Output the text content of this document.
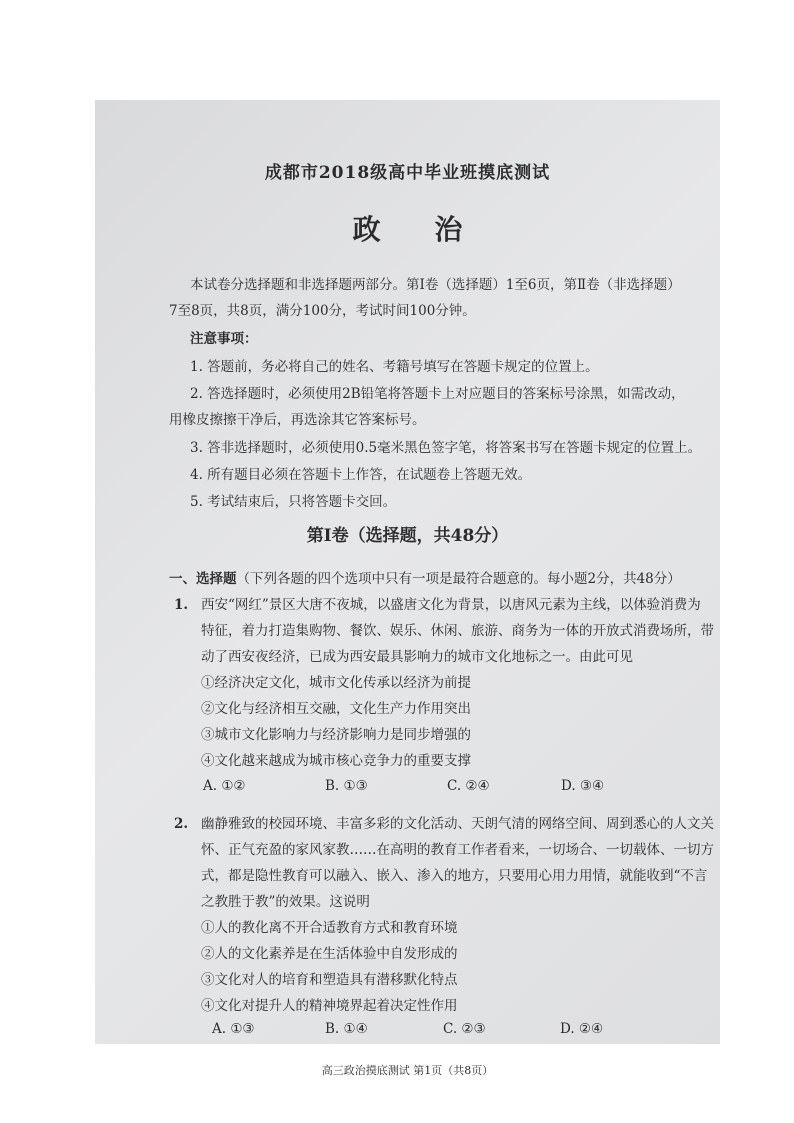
成都市2018级高中毕业班摸底测试
政 治
本试卷分选择题和非选择题两部分。第Ⅰ卷（选择题）1至6页，第Ⅱ卷（非选择题）
7至8页，共8页，满分100分，考试时间100分钟。
注意事项：
1. 答题前，务必将自己的姓名、考籍号填写在答题卡规定的位置上。
2. 答选择题时，必须使用2B铅笔将答题卡上对应题目的答案标号涂黑，如需改动，
用橡皮擦擦干净后，再选涂其它答案标号。
3. 答非选择题时，必须使用0.5毫米黑色签字笔，将答案书写在答题卡规定的位置上。
4. 所有题目必须在答题卡上作答，在试题卷上答题无效。
5. 考试结束后，只将答题卡交回。
第Ⅰ卷（选择题，共48分）
一、选择题（下列各题的四个选项中只有一项是最符合题意的。每小题2分，共48分）
1. 西安“网红”景区大唐不夜城，以盛唐文化为背景，以唐风元素为主线，以体验消费为
特征，着力打造集购物、餐饮、娱乐、休闲、旅游、商务为一体的开放式消费场所，带
动了西安夜经济，已成为西安最具影响力的城市文化地标之一。由此可见
①经济决定文化，城市文化传承以经济为前提
②文化与经济相互交融，文化生产力作用突出
③城市文化影响力与经济影响力是同步增强的
④文化越来越成为城市核心竞争力的重要支撑
A. ①②	B. ①③	C. ②④	D. ③④
2. 幽静雅致的校园环境、丰富多彩的文化活动、天朗气清的网络空间、周到悉心的人文关
怀、正气充盈的家风家教……在高明的教育工作者看来，一切场合、一切载体、一切方
式，都是隐性教育可以融入、嵌入、渗入的地方，只要用心用力用情，就能收到“不言
之教胜于教”的效果。这说明
①人的教化离不开合适教育方式和教育环境
②人的文化素养是在生活体验中自发形成的
③文化对人的培育和塑造具有潜移默化特点
④文化对提升人的精神境界起着决定性作用
A. ①③	B. ①④	C. ②③	D. ②④
高三政治摸底测试 第1页（共8页）
